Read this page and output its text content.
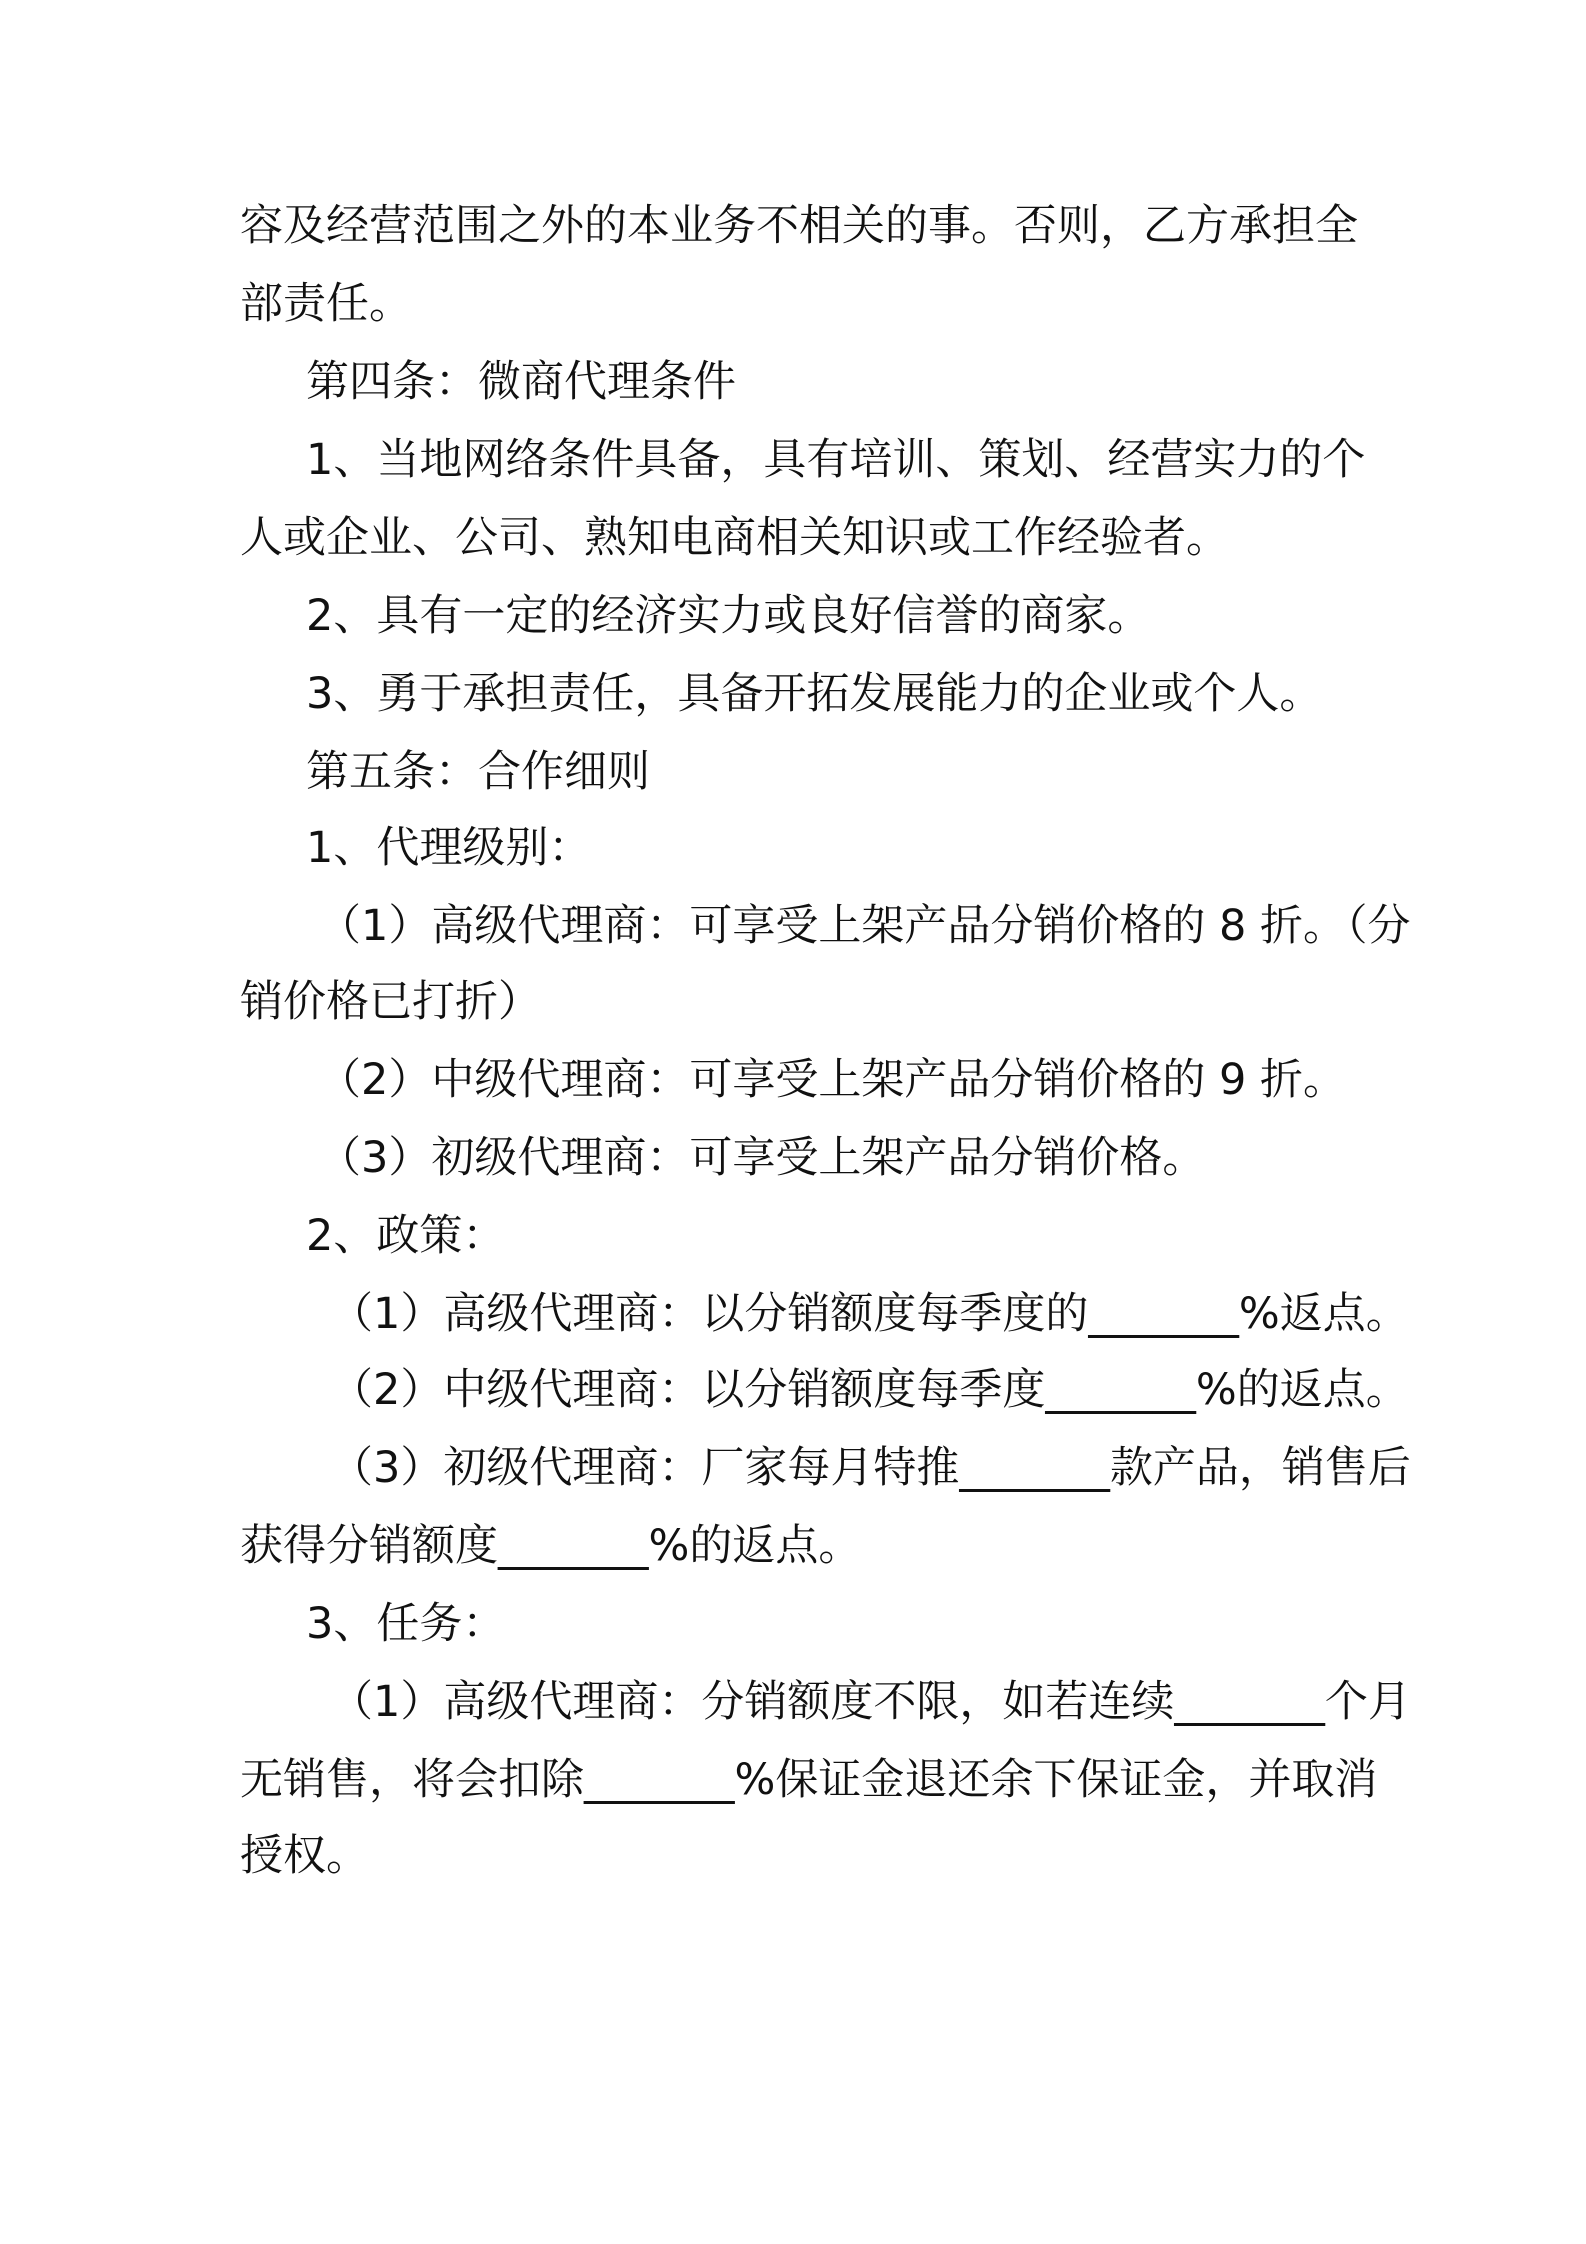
容及经营范围之外的本业务不相关的事。否则，乙方承担全
部责任。
第四条：微商代理条件
1、当地网络条件具备，具有培训、策划、经营实力的个
人或企业、公司、熟知电商相关知识或工作经验者。
2、具有一定的经济实力或良好信誉的商家。
3、勇于承担责任，具备开拓发展能力的企业或个人。
第五条：合作细则
1、代理级别：
（1）高级代理商：可享受上架产品分销价格的 8 折。（分
销价格已打折）
（2）中级代理商：可享受上架产品分销价格的 9 折。
（3）初级代理商：可享受上架产品分销价格。
2、政策：
（1）高级代理商：以分销额度每季度的_______%返点。
（2）中级代理商：以分销额度每季度_______%的返点。
（3）初级代理商：厂家每月特推_______款产品，销售后
获得分销额度_______%的返点。
3、任务：
（1）高级代理商：分销额度不限，如若连续_______个月
无销售，将会扣除_______%保证金退还余下保证金，并取消
授权。
